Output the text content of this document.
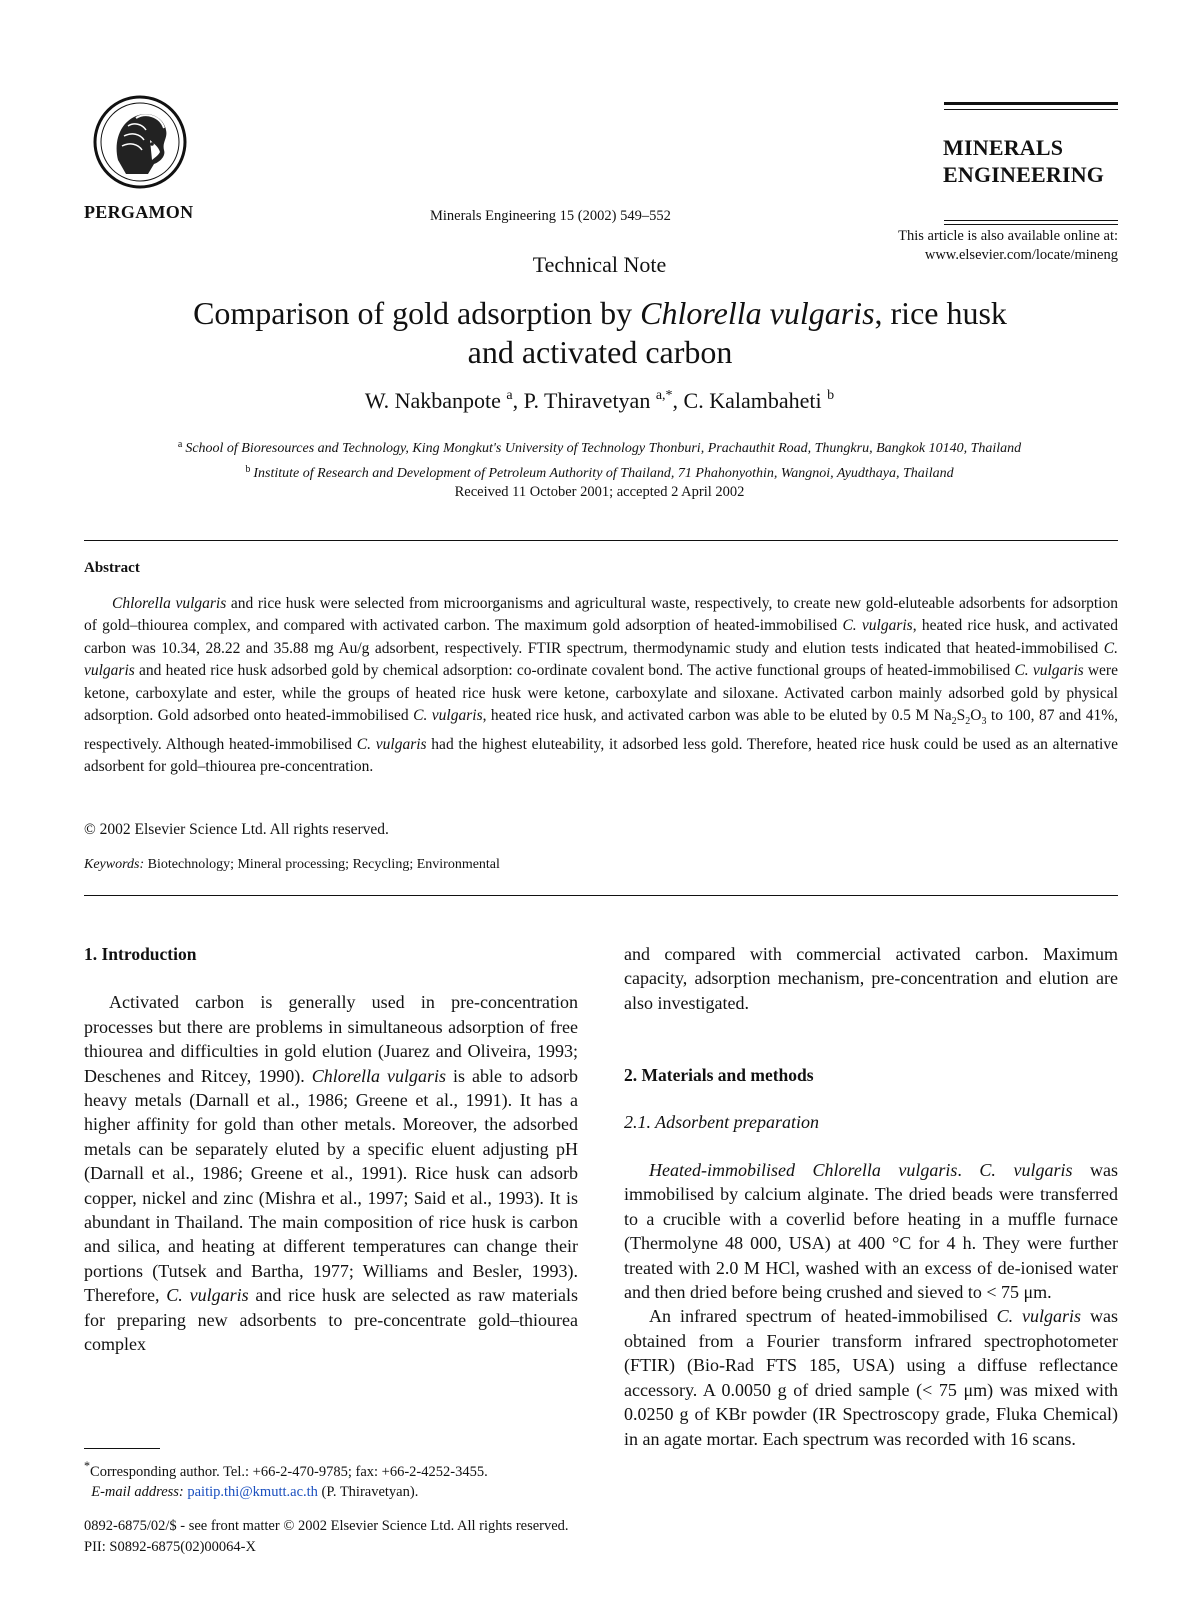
PERGAMON	Minerals Engineering 15 (2002) 549–552
MINERALS
ENGINEERING
This article is also available online at:
www.elsevier.com/locate/mineng
Technical Note
Comparison of gold adsorption by Chlorella vulgaris, rice husk
and activated carbon
W. Nakbanpote $^a$, P. Thiravetyan $^{a,*}$, C. Kalambaheti $^b$
$^a$ School of Bioresources and Technology, King Mongkut's University of Technology Thonburi, Prachauthit Road, Thungkru, Bangkok 10140, Thailand
$^b$ Institute of Research and Development of Petroleum Authority of Thailand, 71 Phahonyothin, Wangnoi, Ayudthaya, Thailand
Received 11 October 2001; accepted 2 April 2002
Abstract

Chlorella vulgaris and rice husk were selected from microorganisms and agricultural waste, respectively, to create new gold-eluteable adsorbents for adsorption of gold–thiourea complex, and compared with activated carbon. The maximum gold adsorption of heated-immobilised C. vulgaris, heated rice husk, and activated carbon was 10.34, 28.22 and 35.88 mg Au/g adsorbent, respectively. FTIR spectrum, thermodynamic study and elution tests indicated that heated-immobilised C. vulgaris and heated rice husk adsorbed gold by chemical adsorption: co-ordinate covalent bond. The active functional groups of heated-immobilised C. vulgaris were ketone, carboxylate and ester, while the groups of heated rice husk were ketone, carboxylate and siloxane. Activated carbon mainly adsorbed gold by physical adsorption. Gold adsorbed onto heated-immobilised C. vulgaris, heated rice husk, and activated carbon was able to be eluted by 0.5 M $Na_2S_2O_3$ to 100, 87 and 41%, respectively. Although heated-immobilised C. vulgaris had the highest eluteability, it adsorbed less gold. Therefore, heated rice husk could be used as an alternative adsorbent for gold–thiourea pre-concentration.

© 2002 Elsevier Science Ltd. All rights reserved.
Keywords: Biotechnology; Mineral processing; Recycling; Environmental

1. Introduction

Activated carbon is generally used in pre-concentration processes but there are problems in simultaneous adsorption of free thiourea and difficulties in gold elution (Juarez and Oliveira, 1993; Deschenes and Ritcey, 1990). Chlorella vulgaris is able to adsorb heavy metals (Darnall et al., 1986; Greene et al., 1991). It has a higher affinity for gold than other metals. Moreover, the adsorbed metals can be separately eluted by a specific eluent adjusting pH (Darnall et al., 1986; Greene et al., 1991). Rice husk can adsorb copper, nickel and zinc (Mishra et al., 1997; Said et al., 1993). It is abundant in Thailand. The main composition of rice husk is carbon and silica, and heating at different temperatures can change their portions (Tutsek and Bartha, 1977; Williams and Besler, 1993). Therefore, C. vulgaris and rice husk are selected as raw materials for preparing new adsorbents to pre-concentrate gold–thiourea complex

and compared with commercial activated carbon. Maximum capacity, adsorption mechanism, pre-concentration and elution are also investigated.

2. Materials and methods

2.1. Adsorbent preparation

Heated-immobilised Chlorella vulgaris. C. vulgaris was immobilised by calcium alginate. The dried beads were transferred to a crucible with a coverlid before heating in a muffle furnace (Thermolyne 48 000, USA) at 400 °C for 4 h. They were further treated with 2.0 M HCl, washed with an excess of de-ionised water and then dried before being crushed and sieved to < 75 μm.

An infrared spectrum of heated-immobilised C. vulgaris was obtained from a Fourier transform infrared spectrophotometer (FTIR) (Bio-Rad FTS 185, USA) using a diffuse reflectance accessory. A 0.0050 g of dried sample (< 75 μm) was mixed with 0.0250 g of KBr powder (IR Spectroscopy grade, Fluka Chemical) in an agate mortar. Each spectrum was recorded with 16 scans.

*Corresponding author. Tel.: +66-2-470-9785; fax: +66-2-4252-3455.
E-mail address: paitip.thi@kmutt.ac.th (P. Thiravetyan).
0892-6875/02/$ - see front matter © 2002 Elsevier Science Ltd. All rights reserved.
PII: S0892-6875(02)00064-X
